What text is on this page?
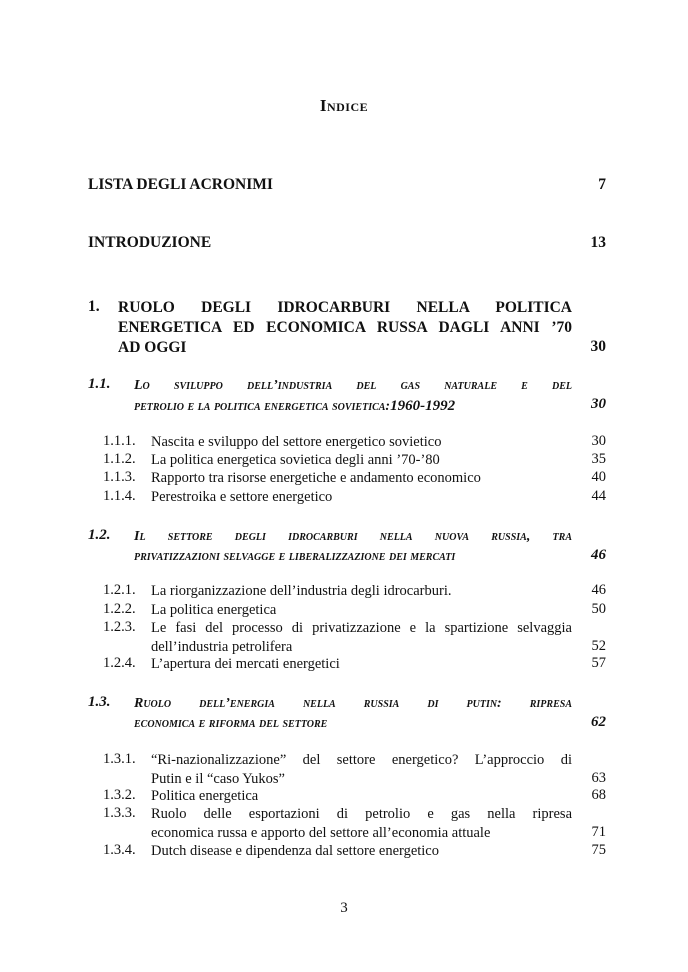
Indice
LISTA DEGLI ACRONIMI	7
INTRODUZIONE	13
1. RUOLO DEGLI IDROCARBURI NELLA POLITICA
ENERGETICA ED ECONOMICA RUSSA DAGLI ANNI ’70
AD OGGI	30
1.1. Lo sviluppo dell’industria del gas naturale e del
petrolio e la politica energetica sovietica:1960-1992	30
1.1.1. Nascita e sviluppo del settore energetico sovietico	30
1.1.2. La politica energetica sovietica degli anni ’70-’80	35
1.1.3. Rapporto tra risorse energetiche e andamento economico	40
1.1.4. Perestroika e settore energetico	44
1.2. Il settore degli idrocarburi nella nuova russia, tra
privatizzazioni selvagge e liberalizzazione dei mercati	46
1.2.1. La riorganizzazione dell’industria degli idrocarburi.	46
1.2.2. La politica energetica	50
1.2.3. Le fasi del processo di privatizzazione e la spartizione selvaggia
dell’industria petrolifera	52
1.2.4. L’apertura dei mercati energetici	57
1.3. Ruolo dell’energia nella russia di putin: ripresa
economica e riforma del settore	62
1.3.1. “Ri-nazionalizzazione” del settore energetico? L’approccio di
Putin e il “caso Yukos”	63
1.3.2. Politica energetica	68
1.3.3. Ruolo delle esportazioni di petrolio e gas nella ripresa
economica russa e apporto del settore all’economia attuale	71
1.3.4. Dutch disease e dipendenza dal settore energetico	75
3
